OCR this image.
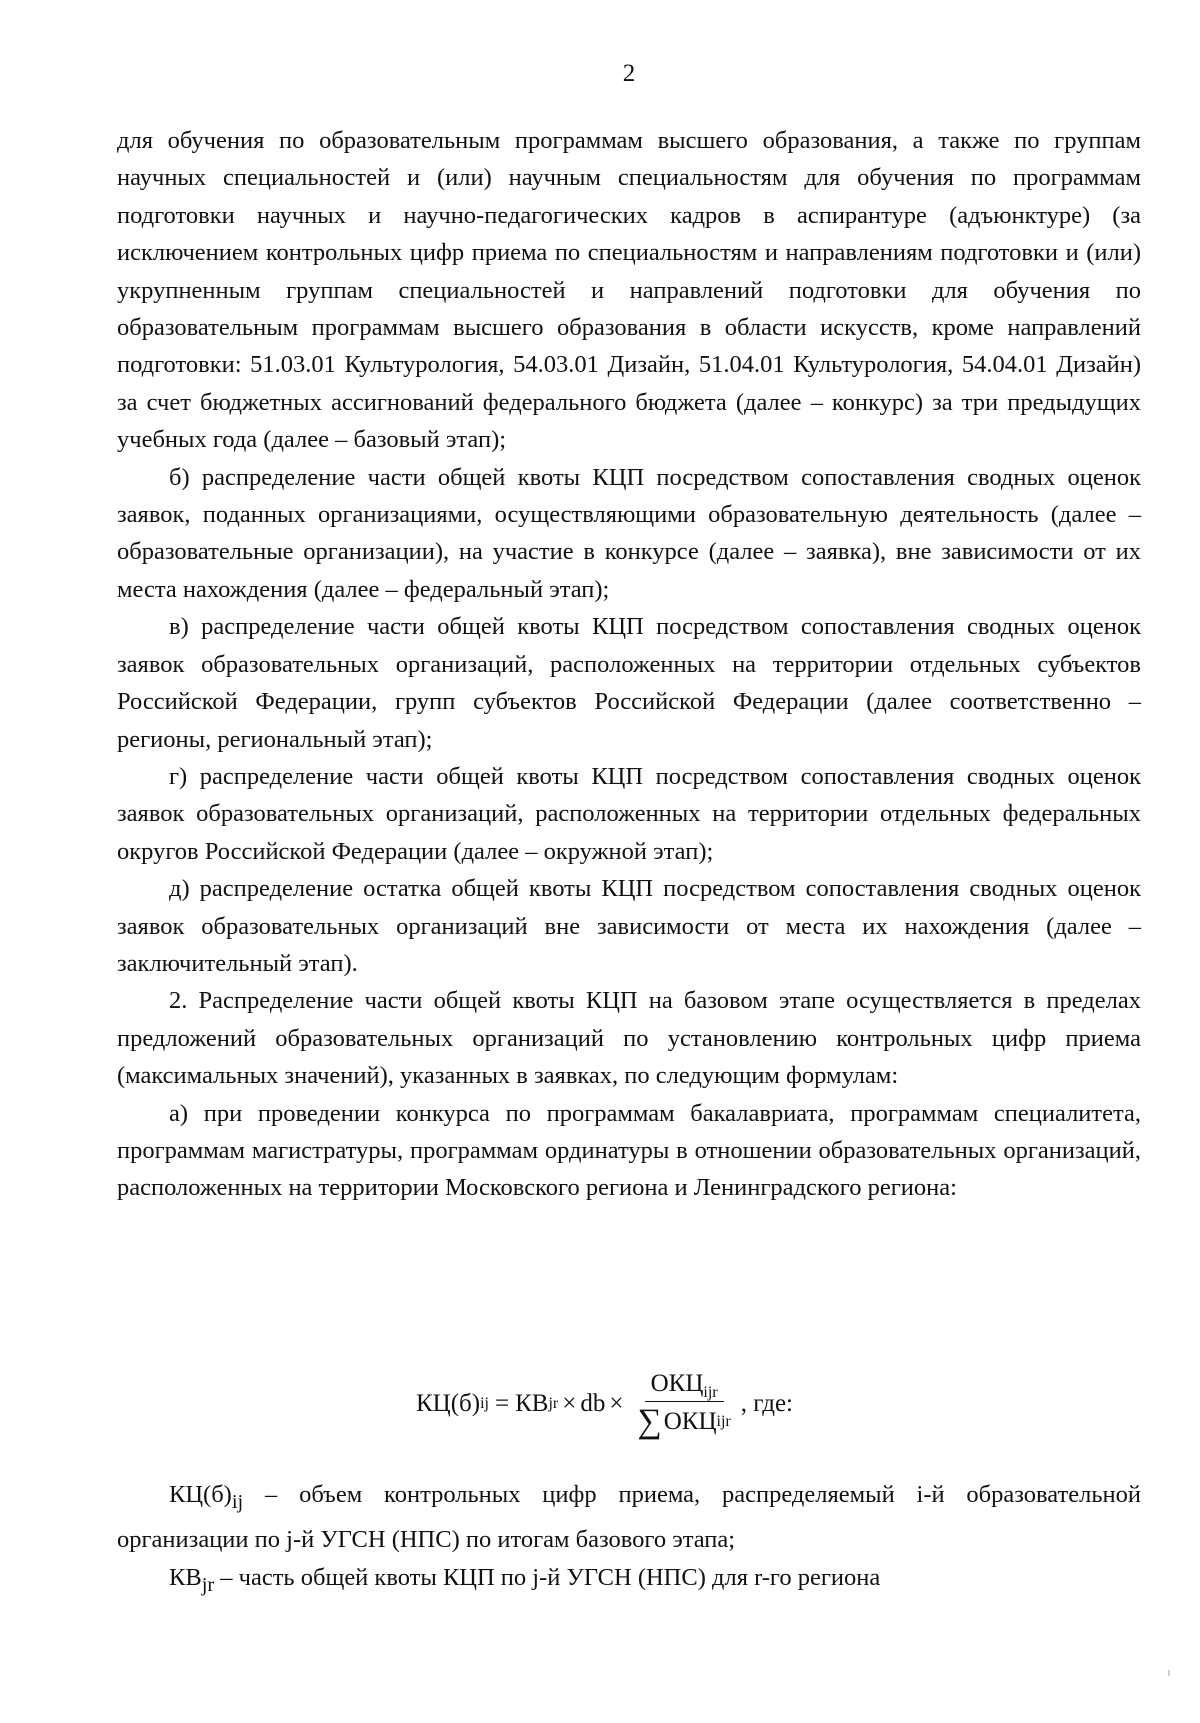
2

для обучения по образовательным программам высшего образования, а также по группам научных специальностей и (или) научным специальностям для обучения по программам подготовки научных и научно-педагогических кадров в аспирантуре (адъюнктуре) (за исключением контрольных цифр приема по специальностям и направлениям подготовки и (или) укрупненным группам специальностей и направлений подготовки для обучения по образовательным программам высшего образования в области искусств, кроме направлений подготовки: 51.03.01 Культурология, 54.03.01 Дизайн, 51.04.01 Культурология, 54.04.01 Дизайн) за счет бюджетных ассигнований федерального бюджета (далее – конкурс) за три предыдущих учебных года (далее – базовый этап);

б) распределение части общей квоты КЦП посредством сопоставления сводных оценок заявок, поданных организациями, осуществляющими образовательную деятельность (далее – образовательные организации), на участие в конкурсе (далее – заявка), вне зависимости от их места нахождения (далее – федеральный этап);

в) распределение части общей квоты КЦП посредством сопоставления сводных оценок заявок образовательных организаций, расположенных на территории отдельных субъектов Российской Федерации, групп субъектов Российской Федерации (далее соответственно – регионы, региональный этап);

г) распределение части общей квоты КЦП посредством сопоставления сводных оценок заявок образовательных организаций, расположенных на территории отдельных федеральных округов Российской Федерации (далее – окружной этап);

д) распределение остатка общей квоты КЦП посредством сопоставления сводных оценок заявок образовательных организаций вне зависимости от места их нахождения (далее – заключительный этап).

2. Распределение части общей квоты КЦП на базовом этапе осуществляется в пределах предложений образовательных организаций по установлению контрольных цифр приема (максимальных значений), указанных в заявках, по следующим формулам:

а) при проведении конкурса по программам бакалавриата, программам специалитета, программам магистратуры, программам ординатуры в отношении образовательных организаций, расположенных на территории Московского региона и Ленинградского региона:

КЦ(б) ij = КВ jr × db × $\frac{ОКЦ_{ijr}}{\text{∑ ОКЦ ijr}}$ , где:

$КЦ(б)_{ij}$ – объем контрольных цифр приема, распределяемый i-й образовательной организации по j-й УГСН (НПС) по итогам базового этапа;

$КВ_{jr}$ – часть общей квоты КЦП по j-й УГСН (НПС) для r-го региона
